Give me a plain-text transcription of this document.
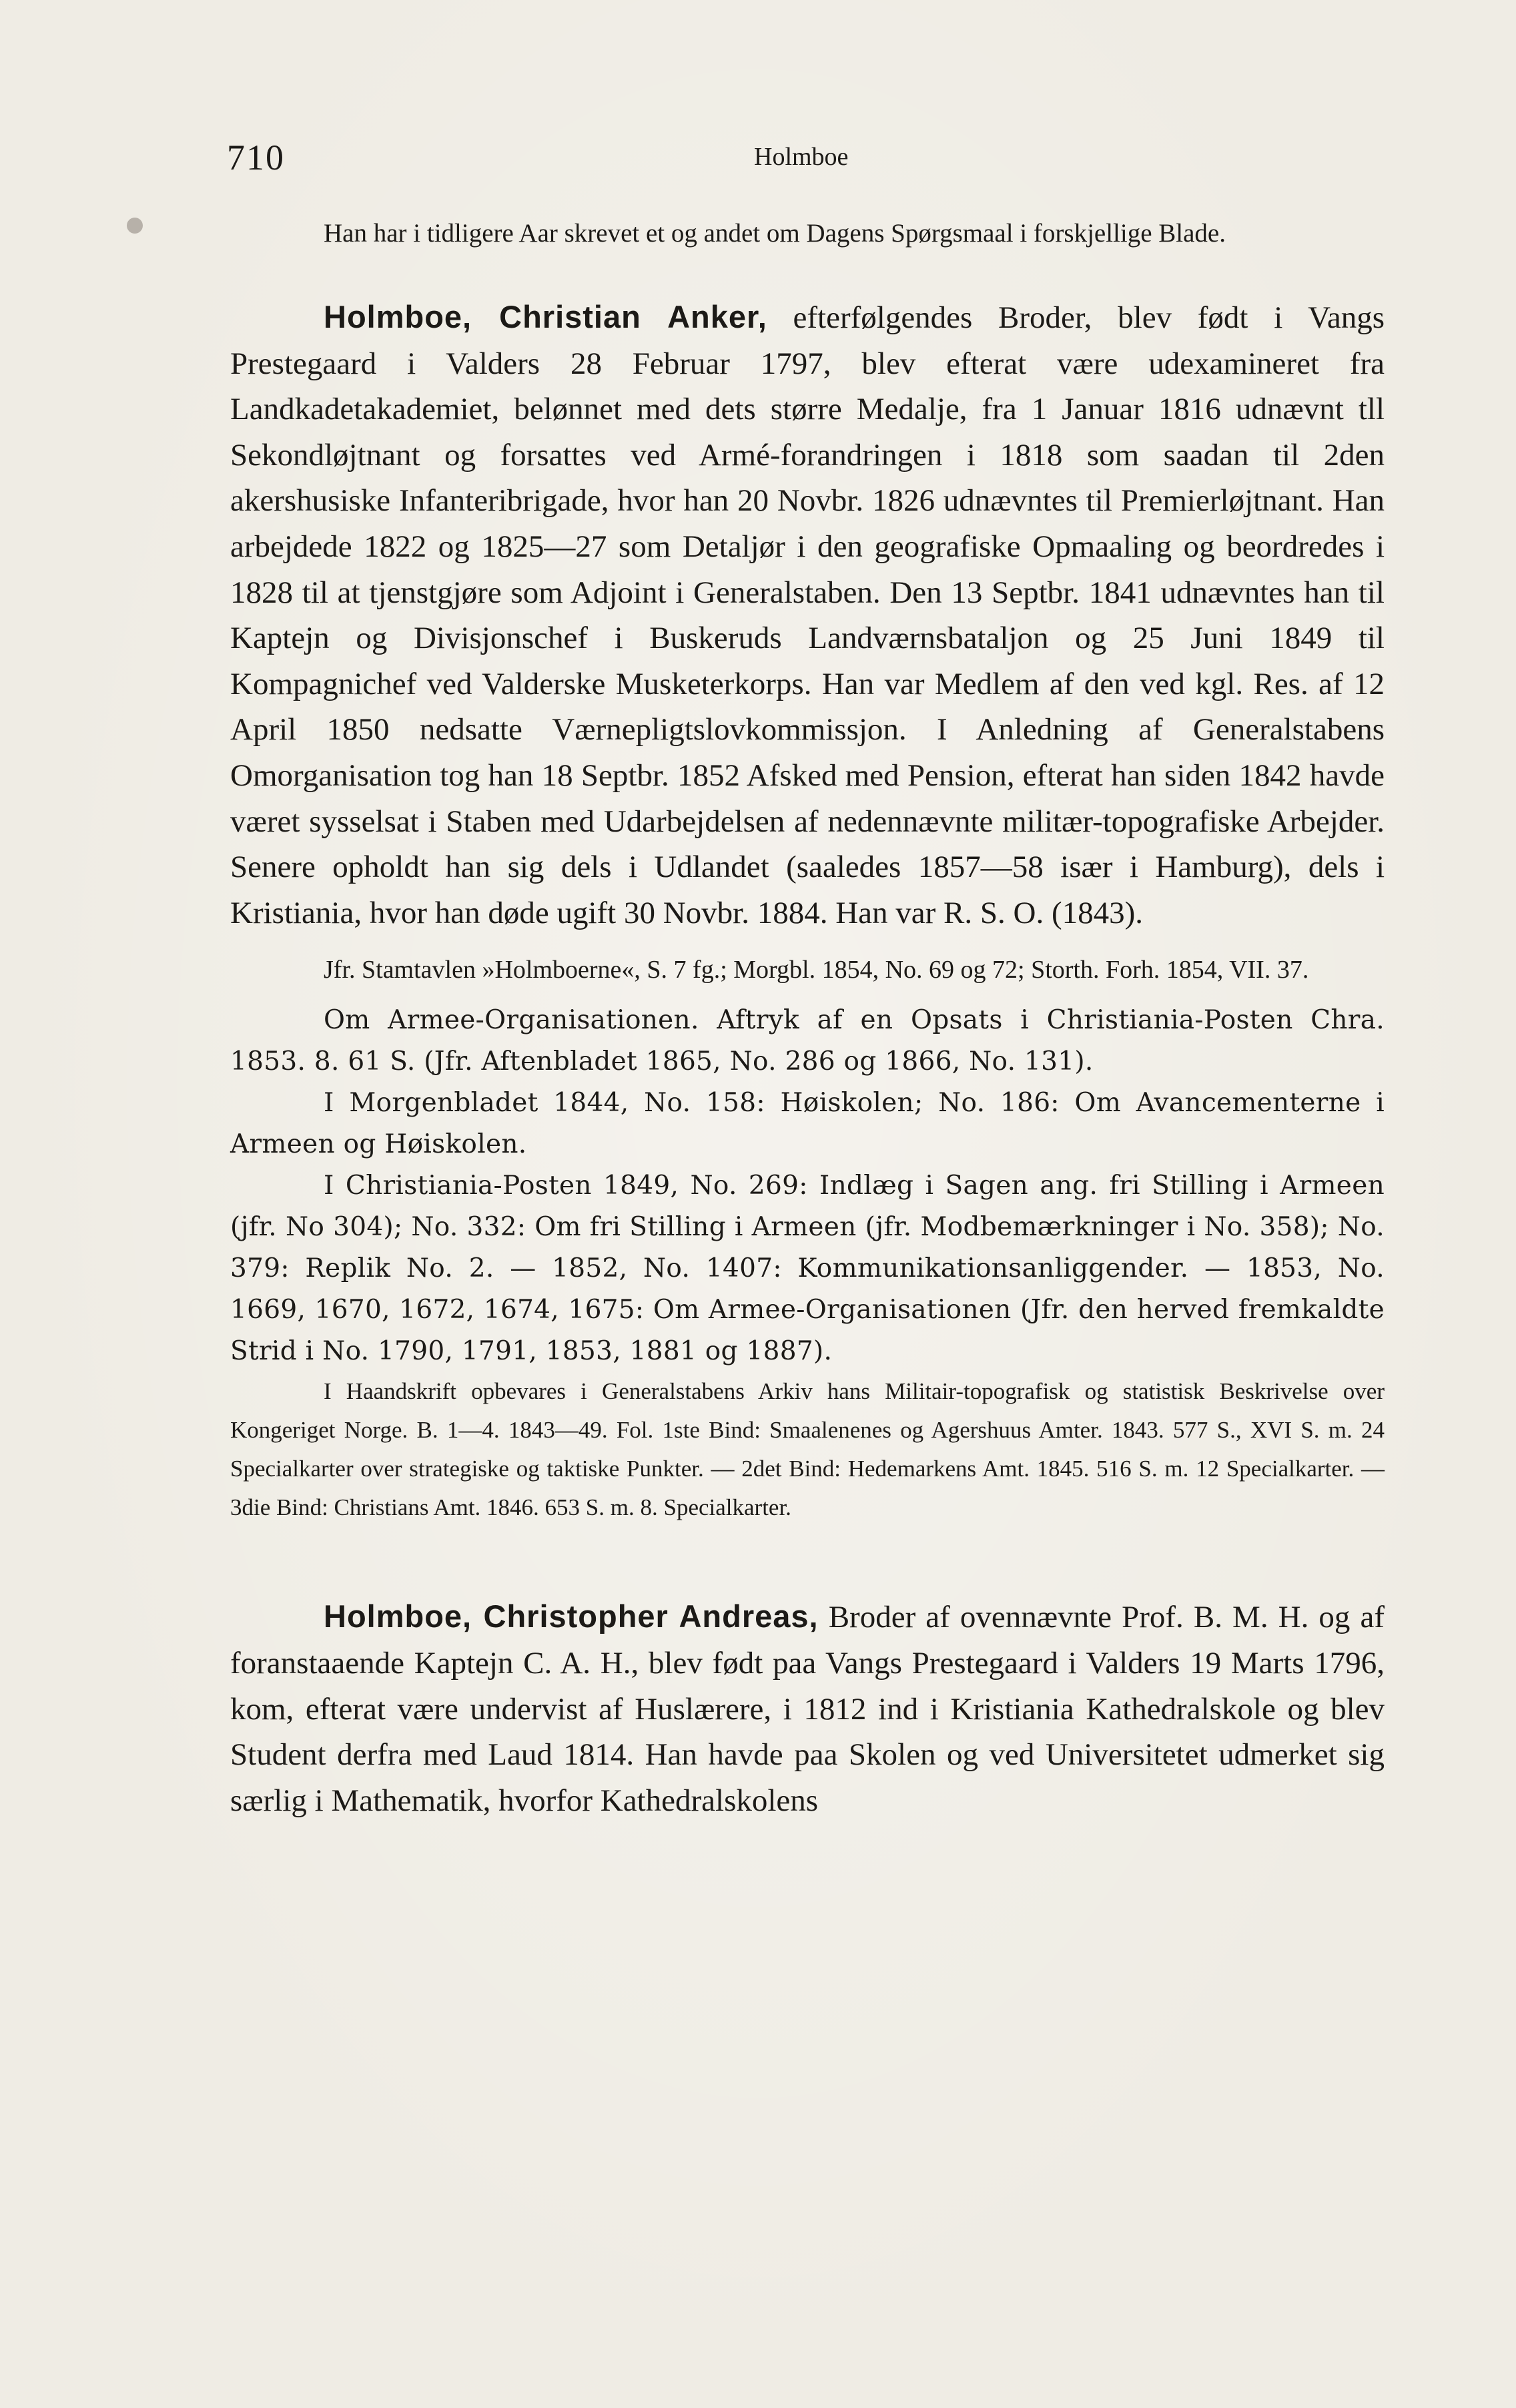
710	Holmboe

Han har i tidligere Aar skrevet et og andet om Dagens Spørgsmaal i forskjellige Blade.

Holmboe, Christian Anker, efterfølgendes Broder, blev født i Vangs Prestegaard i Valders 28 Februar 1797, blev efterat være udexamineret fra Landkadetakademiet, belønnet med dets større Medalje, fra 1 Januar 1816 udnævnt tll Sekondløjtnant og forsattes ved Armé-forandringen i 1818 som saadan til 2den akershusiske Infanteribrigade, hvor han 20 Novbr. 1826 udnævntes til Premierløjtnant. Han arbejdede 1822 og 1825—27 som Detaljør i den geografiske Opmaaling og beordredes i 1828 til at tjenstgjøre som Adjoint i Generalstaben. Den 13 Septbr. 1841 udnævntes han til Kaptejn og Divisjonschef i Buskeruds Landværnsbataljon og 25 Juni 1849 til Kompagnichef ved Valderske Musketerkorps. Han var Medlem af den ved kgl. Res. af 12 April 1850 nedsatte Værnepligtslovkommissjon. I Anledning af Generalstabens Omorganisation tog han 18 Septbr. 1852 Afsked med Pension, efterat han siden 1842 havde været sysselsat i Staben med Udarbejdelsen af nedennævnte militær-topografiske Arbejder. Senere opholdt han sig dels i Udlandet (saaledes 1857—58 især i Hamburg), dels i Kristiania, hvor han døde ugift 30 Novbr. 1884. Han var R. S. O. (1843).

Jfr. Stamtavlen »Holmboerne«, S. 7 fg.; Morgbl. 1854, No. 69 og 72; Storth. Forh. 1854, VII. 37.

Om Armee-Organisationen. Aftryk af en Opsats i Christiania-Posten Chra. 1853. 8. 61 S. (Jfr. Aftenbladet 1865, No. 286 og 1866, No. 131).

I Morgenbladet 1844, No. 158: Høiskolen; No. 186: Om Avancementerne i Armeen og Høiskolen.

I Christiania-Posten 1849, No. 269: Indlæg i Sagen ang. fri Stilling i Armeen (jfr. No 304); No. 332: Om fri Stilling i Armeen (jfr. Modbemærkninger i No. 358); No. 379: Replik No. 2. — 1852, No. 1407: Kommunikationsanliggender. — 1853, No. 1669, 1670, 1672, 1674, 1675: Om Armee-Organisationen (Jfr. den herved fremkaldte Strid i No. 1790, 1791, 1853, 1881 og 1887).

I Haandskrift opbevares i Generalstabens Arkiv hans Militair-topografisk og statistisk Beskrivelse over Kongeriget Norge. B. 1—4. 1843—49. Fol. 1ste Bind: Smaalenenes og Agershuus Amter. 1843. 577 S., XVI S. m. 24 Specialkarter over strategiske og taktiske Punkter. — 2det Bind: Hedemarkens Amt. 1845. 516 S. m. 12 Specialkarter. — 3die Bind: Christians Amt. 1846. 653 S. m. 8. Specialkarter.

Holmboe, Christopher Andreas, Broder af ovennævnte Prof. B. M. H. og af foranstaaende Kaptejn C. A. H., blev født paa Vangs Prestegaard i Valders 19 Marts 1796, kom, efterat være undervist af Huslærere, i 1812 ind i Kristiania Kathedralskole og blev Student derfra med Laud 1814. Han havde paa Skolen og ved Universitetet udmerket sig særlig i Mathematik, hvorfor Kathedralskolens
